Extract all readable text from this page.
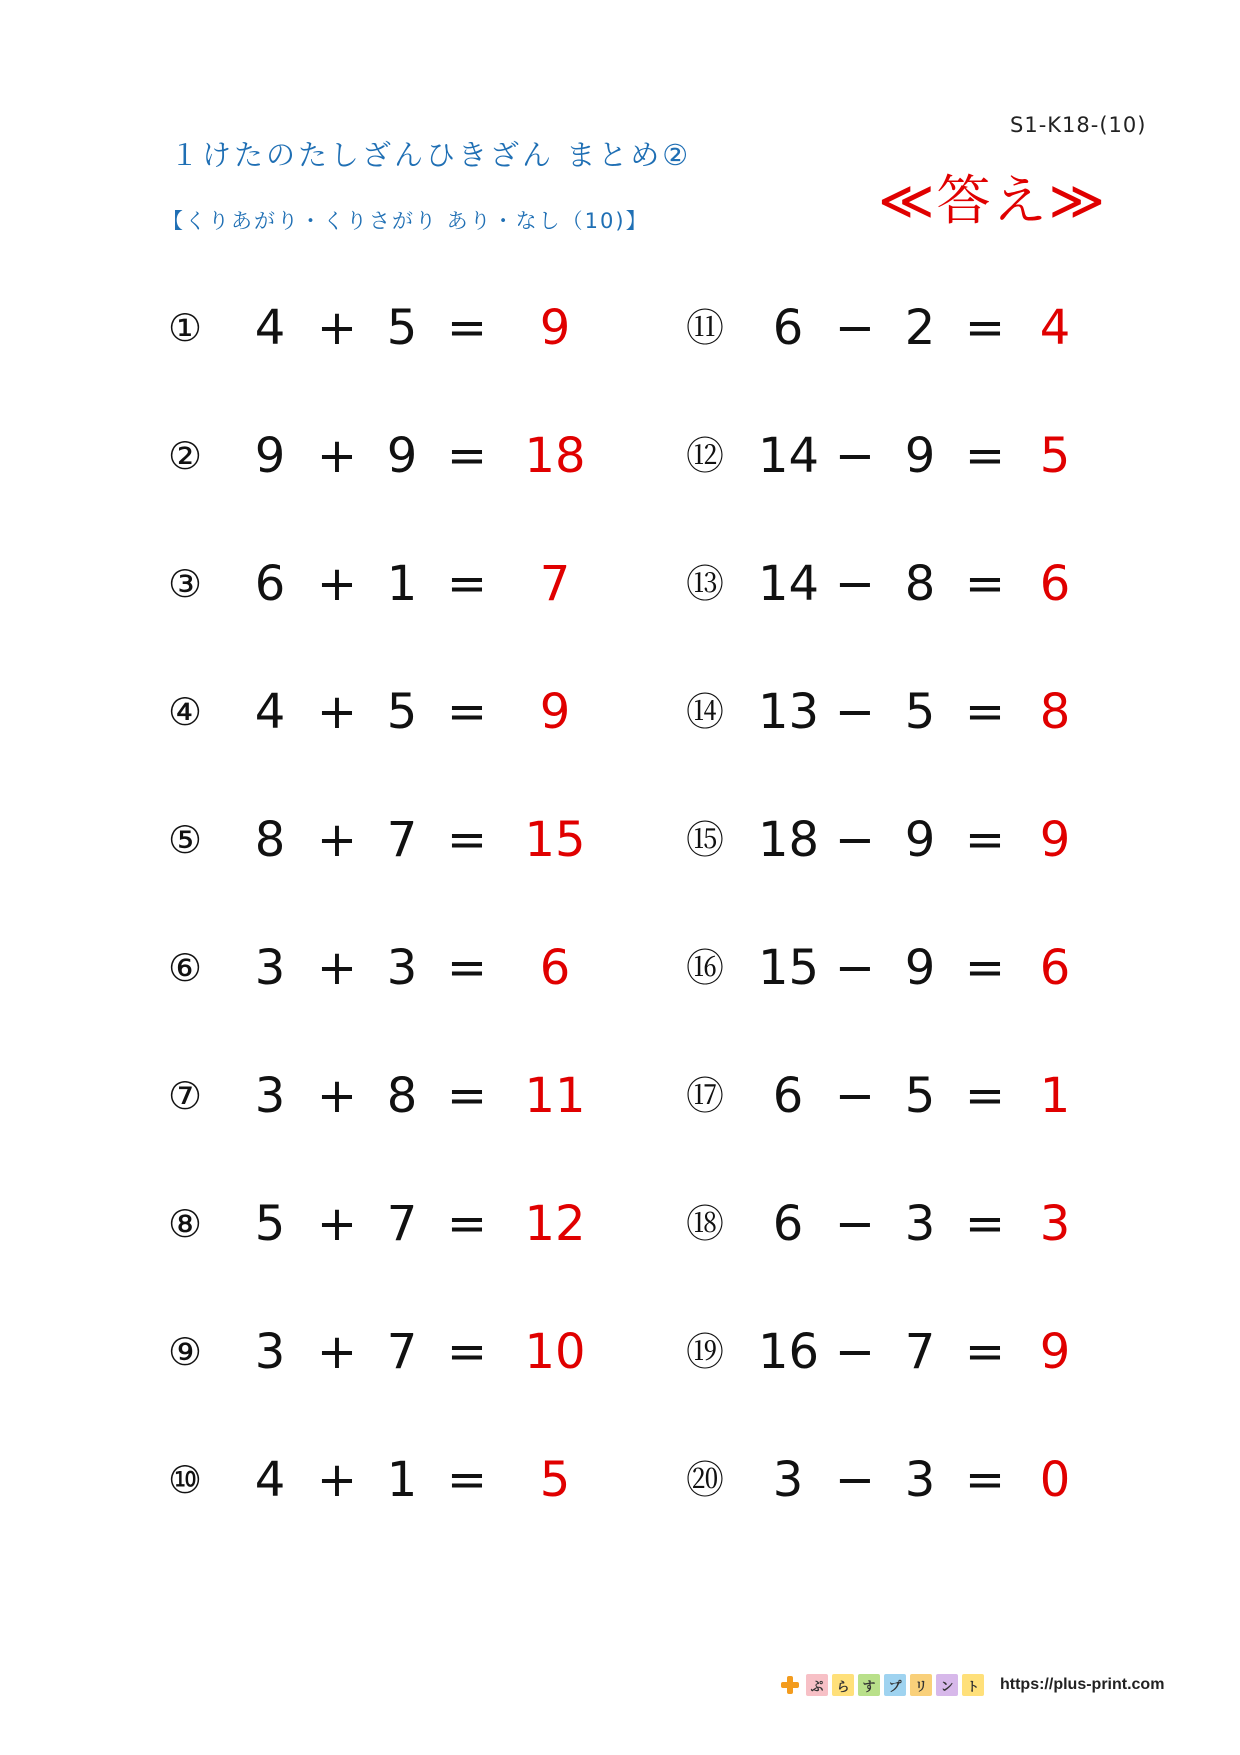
S1-K18-(10)
１けたのたしざんひきざん まとめ②
【くりあがり・くりさがり あり・なし（10)】	≪答え≫
①	4 + 5 =	9
②	9 + 9 = 18
③	6 + 1 =	7
④	4 + 5 =	9
⑤	8 + 7 = 15
⑥	3 + 3 =	6
⑦	3 + 8 = 11
⑧	5 + 7 = 12
⑨	3 + 7 = 10
⑩	4 + 1 =	5
⑪	6 − 2 = 4
⑫ 14 − 9 = 5
⑬ 14 − 8 = 6
⑭ 13 − 5 = 8
⑮ 18 − 9 = 9
⑯ 15 − 9 = 6
⑰	6 − 5 = 1
⑱	6 − 3 = 3
⑲ 16 − 7 = 9
⑳	3 − 3 = 0
ぷ ら す プ リ ン ト https://plus-print.com
